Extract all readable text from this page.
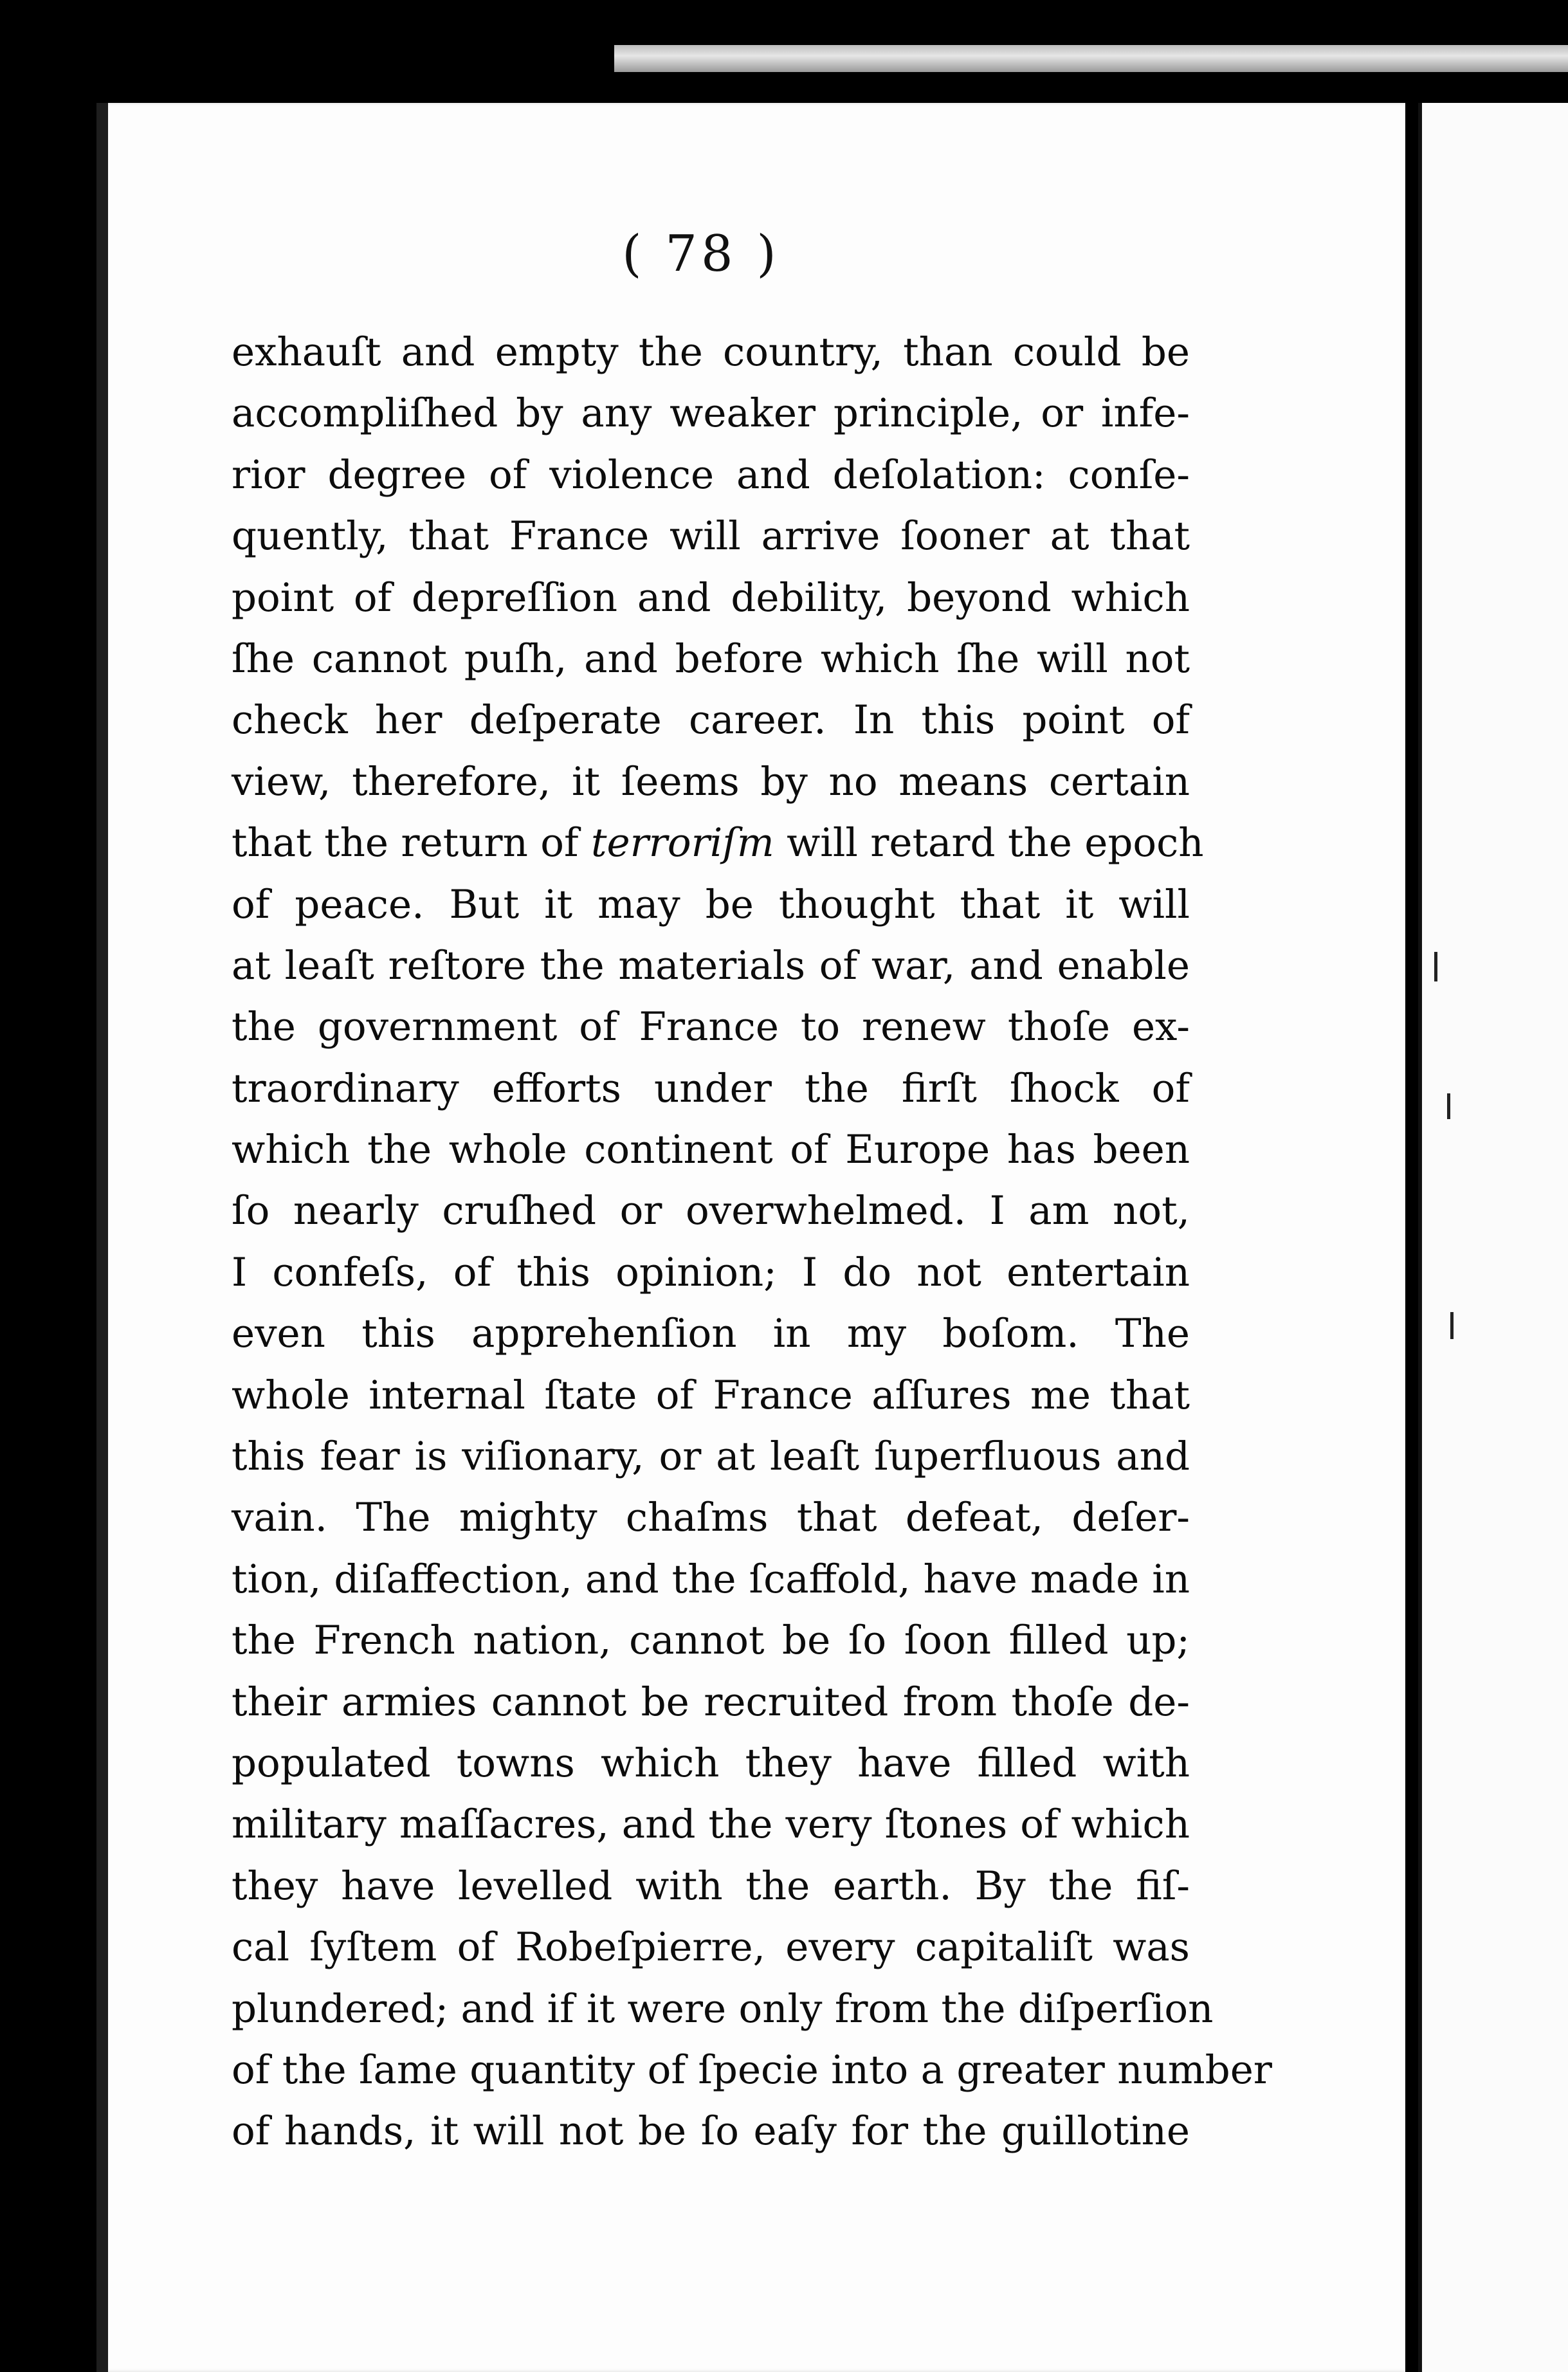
( 78 )
exhauſt and empty the country, than could be
accompliſhed by any weaker principle, or infe-
rior degree of violence and deſolation: conſe-
quently, that France will arrive ſooner at that
point of depreſſion and debility, beyond which
ſhe cannot puſh, and before which ſhe will not
check her deſperate career. In this point of
view, therefore, it ſeems by no means certain
that the return of terroriſm will retard the epoch
of peace. But it may be thought that it will
at leaſt reſtore the materials of war, and enable
the government of France to renew thoſe ex-
traordinary efforts under the firſt ſhock of
which the whole continent of Europe has been
ſo nearly cruſhed or overwhelmed. I am not,
I confeſs, of this opinion; I do not entertain
even this apprehenſion in my boſom. The
whole internal ſtate of France aſſures me that
this fear is viſionary, or at leaſt ſuperfluous and
vain. The mighty chaſms that defeat, deſer-
tion, diſaffection, and the ſcaffold, have made in
the French nation, cannot be ſo ſoon filled up;
their armies cannot be recruited from thoſe de-
populated towns which they have filled with
military maſſacres, and the very ſtones of which
they have levelled with the earth. By the fiſ-
cal ſyſtem of Robeſpierre, every capitaliſt was
plundered; and if it were only from the diſperſion
of the ſame quantity of ſpecie into a greater number
of hands, it will not be ſo eaſy for the guillotine
